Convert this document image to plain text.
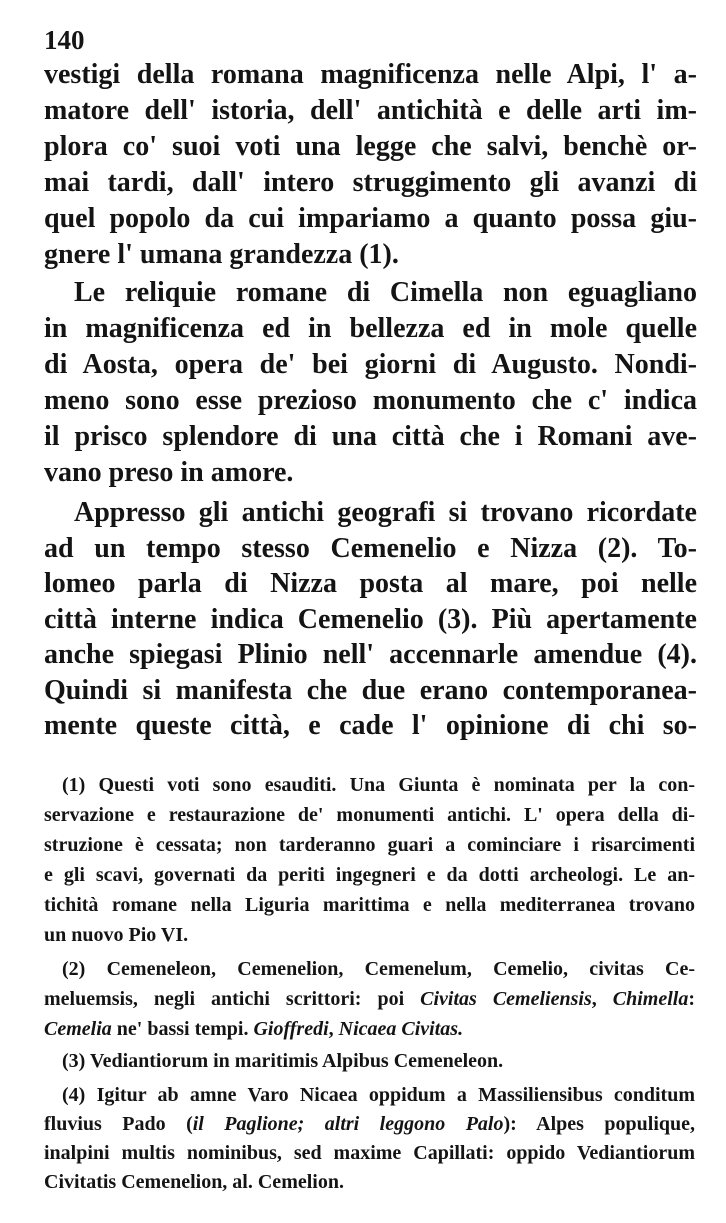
140
vestigi della romana magnificenza nelle Alpi, l' a-
matore dell' istoria, dell' antichità e delle arti im-
plora co' suoi voti una legge che salvi, benchè or-
mai tardi, dall' intero struggimento gli avanzi di
quel popolo da cui impariamo a quanto possa giu-
gnere l' umana grandezza (1).
Le reliquie romane di Cimella non eguagliano
in magnificenza ed in bellezza ed in mole quelle
di Aosta, opera de' bei giorni di Augusto. Nondi-
meno sono esse prezioso monumento che c' indica
il prisco splendore di una città che i Romani ave-
vano preso in amore.
Appresso gli antichi geografi si trovano ricordate
ad un tempo stesso Cemenelio e Nizza (2). To-
lomeo parla di Nizza posta al mare, poi nelle
città interne indica Cemenelio (3). Più apertamente
anche spiegasi Plinio nell' accennarle amendue (4).
Quindi si manifesta che due erano contemporanea-
mente queste città, e cade l' opinione di chi so-
(1) Questi voti sono esauditi. Una Giunta è nominata per la con-
servazione e restaurazione de' monumenti antichi. L' opera della di-
struzione è cessata; non tarderanno guari a cominciare i risarcimenti
e gli scavi, governati da periti ingegneri e da dotti archeologi. Le an-
tichità romane nella Liguria marittima e nella mediterranea trovano
un nuovo Pio VI.
(2) Cemeneleon, Cemenelion, Cemenelum, Cemelio, civitas Ce-
meluemsis, negli antichi scrittori: poi Civitas Cemeliensis, Chimella:
Cemelia ne' bassi tempi. Gioffredi, Nicaea Civitas.
(3) Vediantiorum in maritimis Alpibus Cemeneleon.
(4) Igitur ab amne Varo Nicaea oppidum a Massiliensibus conditum
fluvius Pado (il Paglione; altri leggono Palo): Alpes populique,
inalpini multis nominibus, sed maxime Capillati: oppido Vediantiorum
Civitatis Cemenelion, al. Cemelion.
